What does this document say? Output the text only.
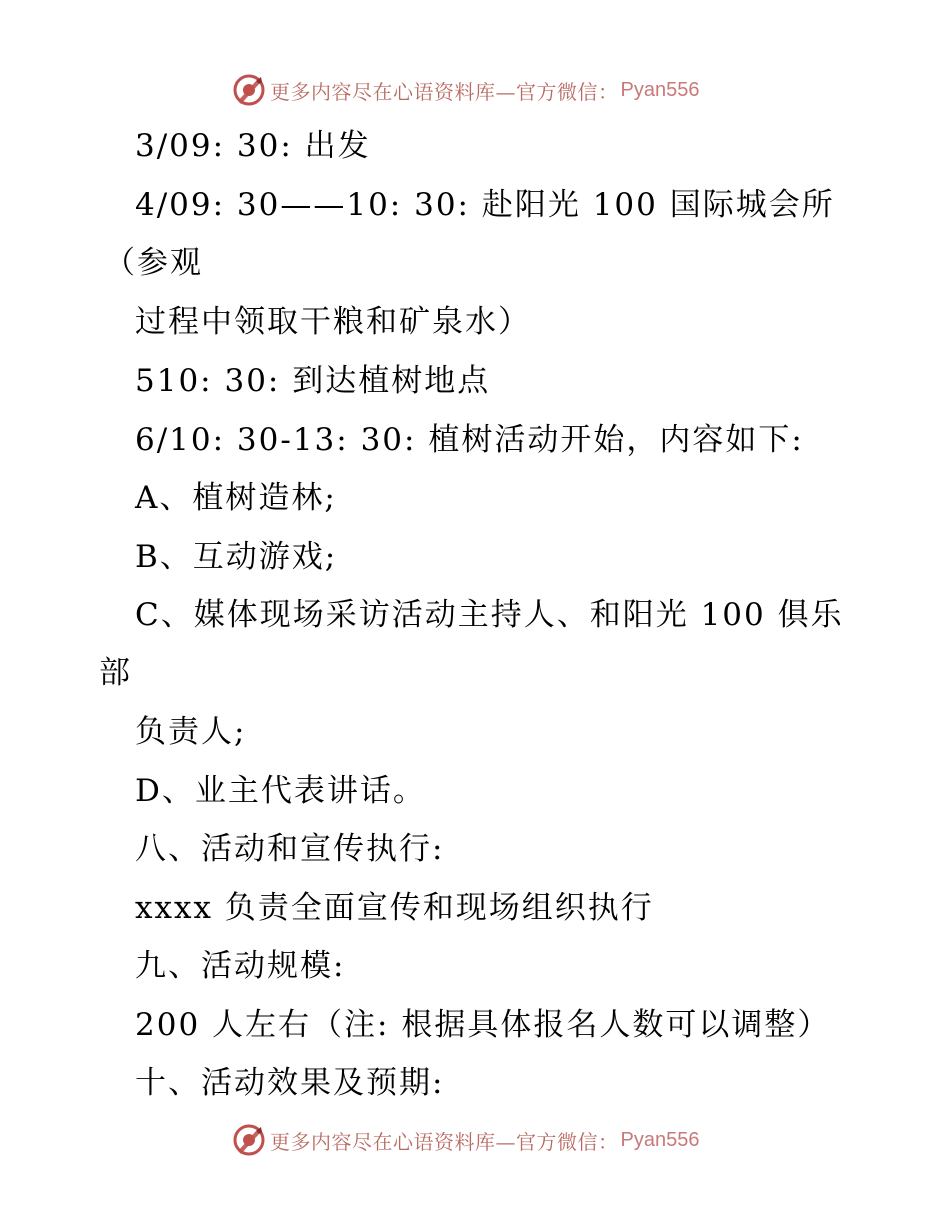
更多内容尽在心语资料库—官方微信： Pyan556
3/09: 30: 出发
4/09: 30——10: 30: 赴阳光 100 国际城会所
（参观
过程中领取干粮和矿泉水）
510: 30: 到达植树地点
6/10: 30-13: 30: 植树活动开始，内容如下:
A、植树造林;
B、互动游戏;
C、媒体现场采访活动主持人、和阳光 100 俱乐
部
负责人;
D、业主代表讲话。
八、活动和宣传执行:
xxxx 负责全面宣传和现场组织执行
九、活动规模:
200 人左右（注: 根据具体报名人数可以调整）
十、活动效果及预期:
更多内容尽在心语资料库—官方微信： Pyan556
